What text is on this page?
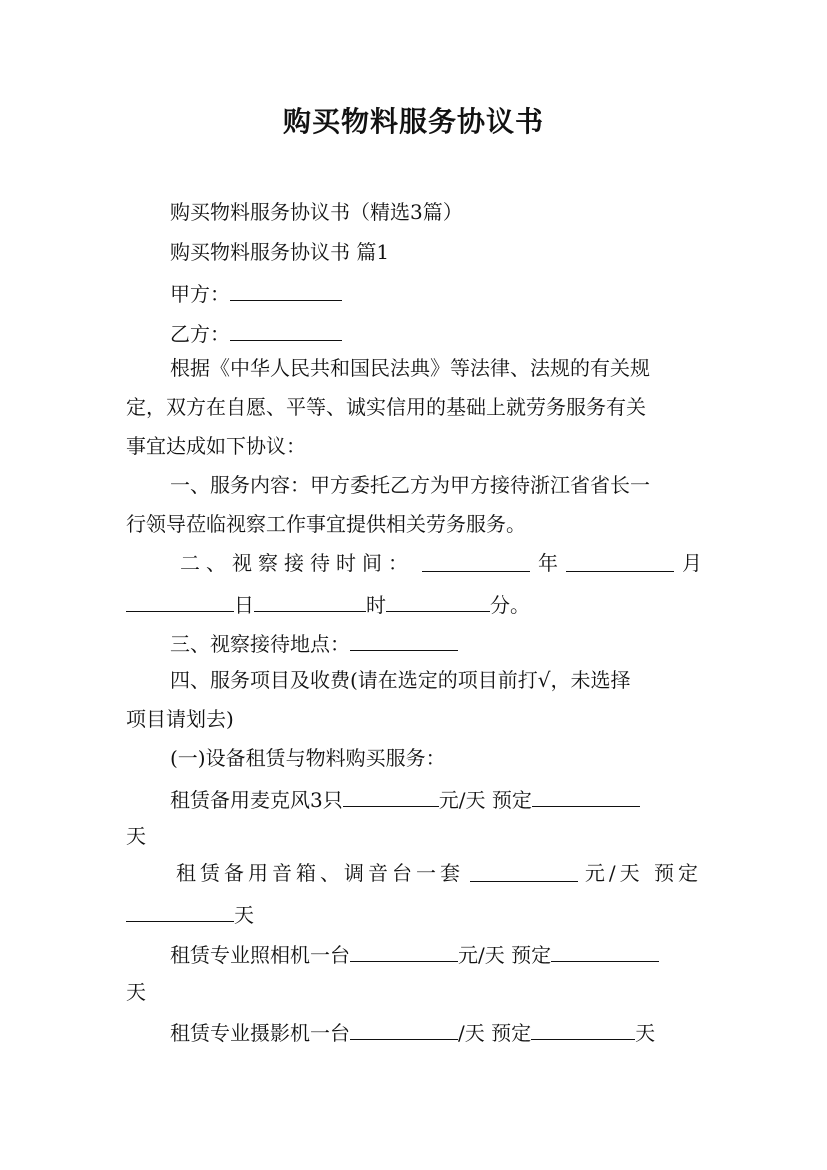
购买物料服务协议书
购买物料服务协议书（精选3篇）
购买物料服务协议书 篇1
甲方：
乙方：
根据《中华人民共和国民法典》等法律、法规的有关规
定，双方在自愿、平等、诚实信用的基础上就劳务服务有关
事宜达成如下协议：
一、服务内容：甲方委托乙方为甲方接待浙江省省长一
行领导莅临视察工作事宜提供相关劳务服务。
二、视察接待时间：	年	月
日	时	分。
三、视察接待地点：
四、服务项目及收费(请在选定的项目前打√，未选择
项目请划去)
(一)设备租赁与物料购买服务：
租赁备用麦克风3只	元/天 预定
天
租赁备用音箱、调音台一套	元/天 预定
天
租赁专业照相机一台	元/天 预定
天
租赁专业摄影机一台	/天 预定	天
